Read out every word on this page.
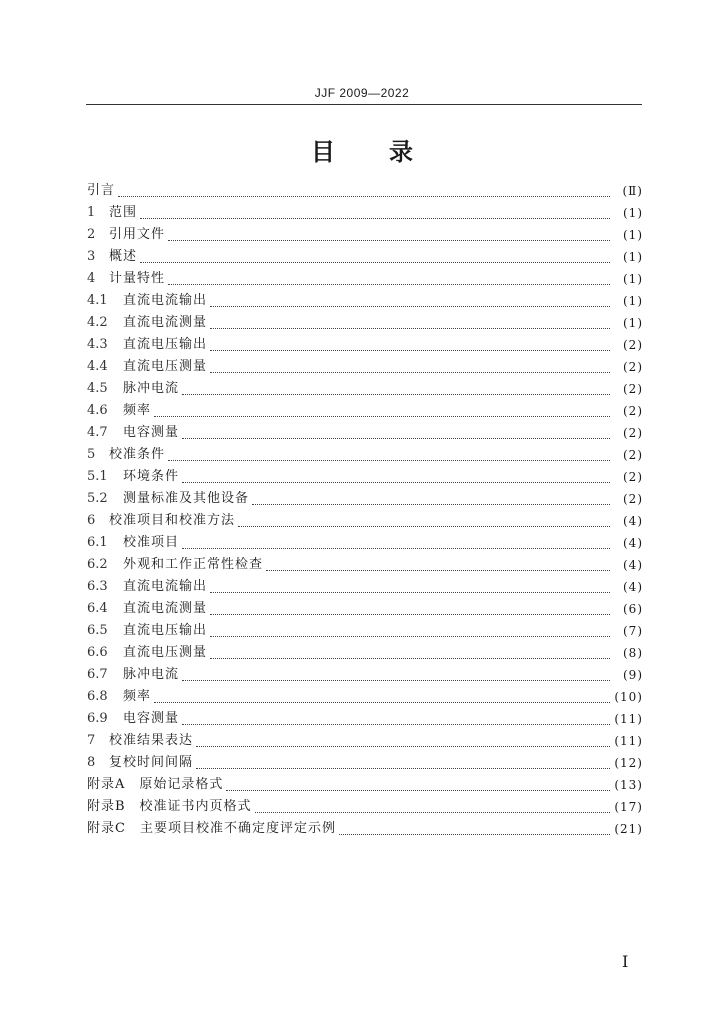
JJF 2009—2022
目录
引言	(Ⅱ)
1	范围	(1)
2	引用文件	(1)
3	概述	(1)
4	计量特性	(1)
4.1	直流电流输出	(1)
4.2	直流电流测量	(1)
4.3	直流电压输出	(2)
4.4	直流电压测量	(2)
4.5	脉冲电流	(2)
4.6	频率	(2)
4.7	电容测量	(2)
5	校准条件	(2)
5.1	环境条件	(2)
5.2	测量标准及其他设备	(2)
6	校准项目和校准方法	(4)
6.1	校准项目	(4)
6.2	外观和工作正常性检查	(4)
6.3	直流电流输出	(4)
6.4	直流电流测量	(6)
6.5	直流电压输出	(7)
6.6	直流电压测量	(8)
6.7	脉冲电流	(9)
6.8	频率	(10)
6.9	电容测量	(11)
7	校准结果表达	(11)
8	复校时间间隔	(12)
附录A　原始记录格式	(13)
附录B　校准证书内页格式	(17)
附录C　主要项目校准不确定度评定示例	(21)
I
